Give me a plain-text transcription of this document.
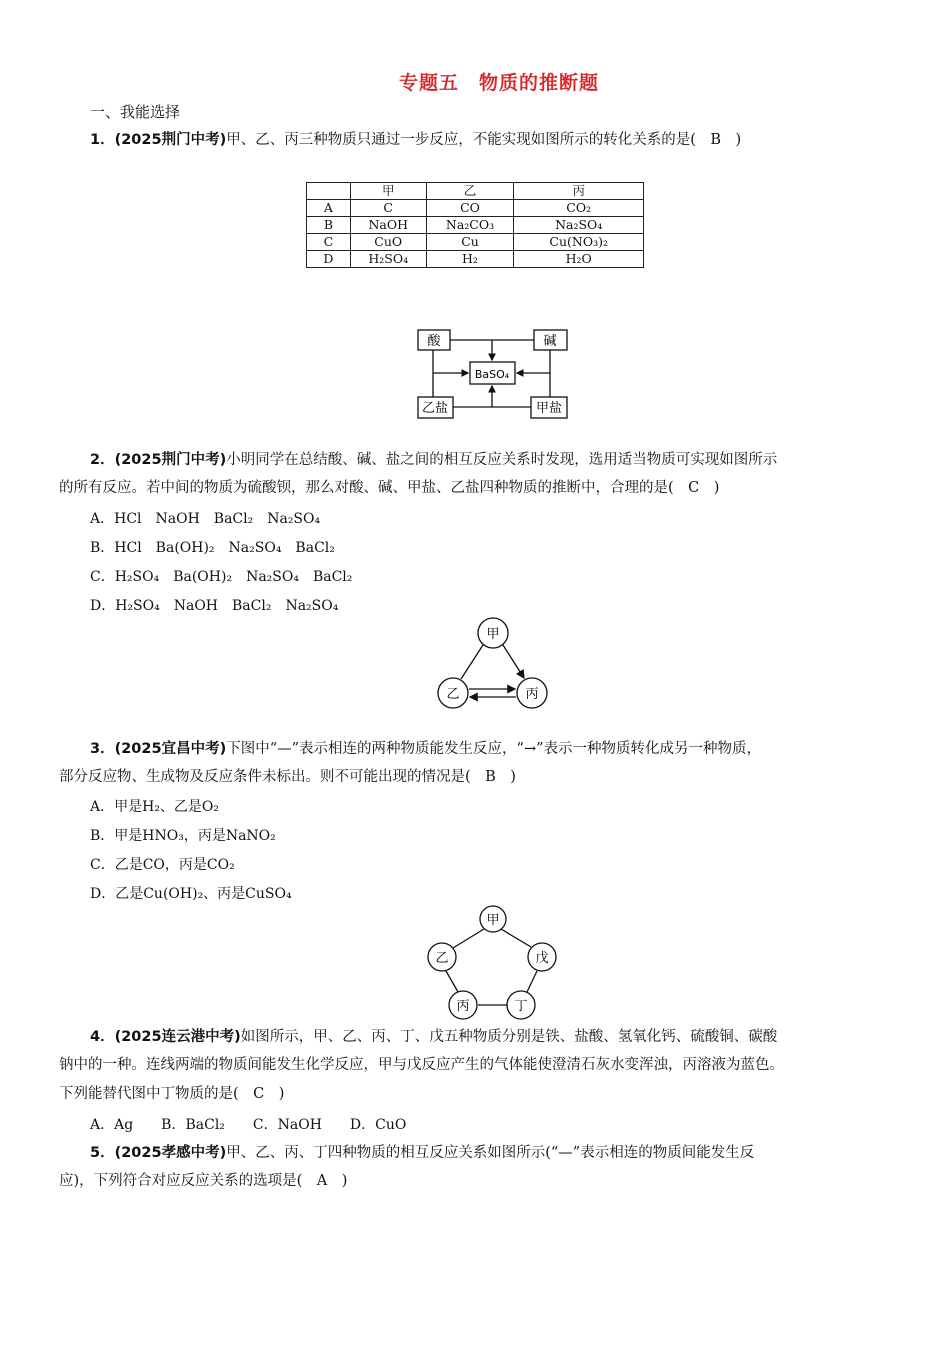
专题五　物质的推断题
一、我能选择
1．(2025荆门中考)甲、乙、丙三种物质只通过一步反应，不能实现如图所示的转化关系的是(　B　)
	甲	乙	丙
A	C	CO	CO₂
B	NaOH	Na₂CO₃	Na₂SO₄
C	CuO	Cu	Cu(NO₃)₂
D	H₂SO₄	H₂	H₂O
酸	碱
BaSO₄
乙盐	甲盐
2．(2025荆门中考)小明同学在总结酸、碱、盐之间的相互反应关系时发现，选用适当物质可实现如图所示
的所有反应。若中间的物质为硫酸钡，那么对酸、碱、甲盐、乙盐四种物质的推断中，合理的是(　C　)
A．HCl　NaOH　BaCl₂　Na₂SO₄
B．HCl　Ba(OH)₂　Na₂SO₄　BaCl₂
C．H₂SO₄　Ba(OH)₂　Na₂SO₄　BaCl₂
D．H₂SO₄　NaOH　BaCl₂　Na₂SO₄
甲
乙	丙
3．(2025宜昌中考)下图中“—”表示相连的两种物质能发生反应，“→”表示一种物质转化成另一种物质，
部分反应物、生成物及反应条件未标出。则不可能出现的情况是(　B　)
A．甲是H₂、乙是O₂
B．甲是HNO₃，丙是NaNO₂
C．乙是CO，丙是CO₂
D．乙是Cu(OH)₂、丙是CuSO₄
甲
乙	戊
丙	丁
4．(2025连云港中考)如图所示，甲、乙、丙、丁、戊五种物质分别是铁、盐酸、氢氧化钙、硫酸铜、碳酸
钠中的一种。连线两端的物质间能发生化学反应，甲与戊反应产生的气体能使澄清石灰水变浑浊，丙溶液为蓝色。
下列能替代图中丁物质的是(　C　)
A．Ag　　B．BaCl₂　　C．NaOH　　D．CuO
5．(2025孝感中考)甲、乙、丙、丁四种物质的相互反应关系如图所示(“—”表示相连的物质间能发生反
应)，下列符合对应反应关系的选项是(　A　)
